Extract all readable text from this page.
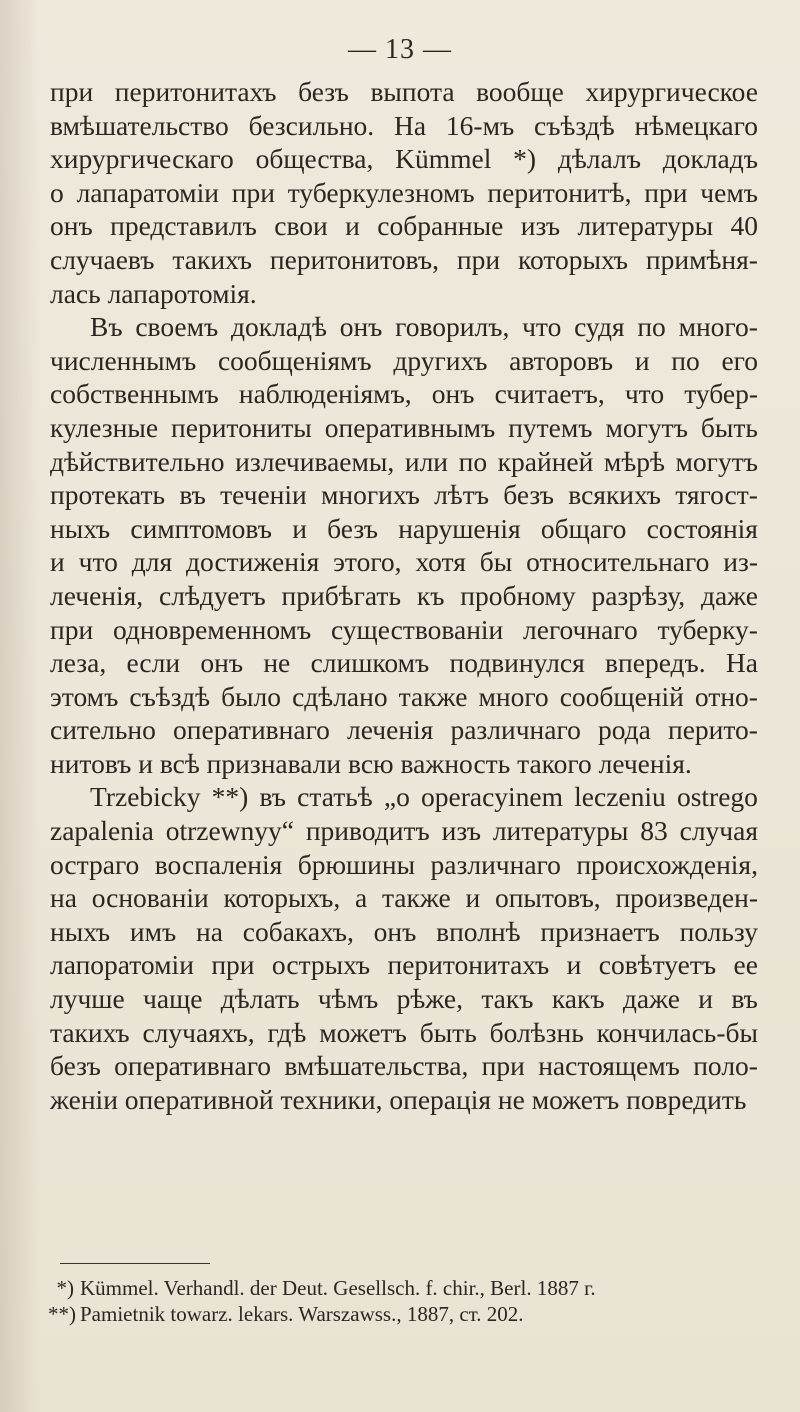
— 13 —
при перитонитахъ безъ выпота вообще хирургическое
вмѣшательство безсильно. На 16-мъ съѣздѣ нѣмецкаго
хирургическаго общества, Kümmel *) дѣлалъ докладъ
о лапаратоміи при туберкулезномъ перитонитѣ, при чемъ
онъ представилъ свои и собранные изъ литературы 40
случаевъ такихъ перитонитовъ, при которыхъ примѣня-
лась
лапаротомія.
Въ своемъ докладѣ онъ говорилъ, что судя по много-
численнымъ сообщеніямъ другихъ авторовъ и по его
собственнымъ наблюденіямъ, онъ считаетъ, что тубер-
кулезные перитониты оперативнымъ путемъ могутъ быть
дѣйствительно излечиваемы, или по крайней мѣрѣ могутъ
протекать въ теченіи многихъ лѣтъ безъ всякихъ тягост-
ныхъ симптомовъ и безъ нарушенія общаго состоянія
и что для достиженія этого, хотя бы относительнаго из-
леченія, слѣдуетъ прибѣгать къ пробному разрѣзу, даже
при одновременномъ существованіи легочнаго туберку-
леза, если онъ не слишкомъ подвинулся впередъ. На
этомъ съѣздѣ было сдѣлано также много сообщеній отно-
сительно оперативнаго леченія различнаго рода перито-
нитовъ
и
всѣ
признавали
всю
важность
такого
леченія.
Trzebicky **) въ статьѣ „o operacyinem leczeniu ostrego
zapalenia otrzewnуу“ приводитъ изъ литературы 83 случая
остраго воспаленія брюшины различнаго происхожденія,
на основаніи которыхъ, а также и опытовъ, произведен-
ныхъ имъ на собакахъ, онъ вполнѣ признаетъ пользу
лапоратоміи при острыхъ перитонитахъ и совѣтуетъ ее
лучше чаще дѣлать чѣмъ рѣже, такъ какъ даже и въ
такихъ случаяхъ, гдѣ можетъ быть болѣзнь кончилась-бы
безъ оперативнаго вмѣшательства, при настоящемъ поло-
женіи
оперативной
техники,
операція
не
можетъ
повредить
*) Kümmel. Verhandl. der Deut. Gesellsch. f. chir., Berl. 1887 г.
**) Pamietnik towarz. lekars. Warszawss., 1887, ст. 202.
